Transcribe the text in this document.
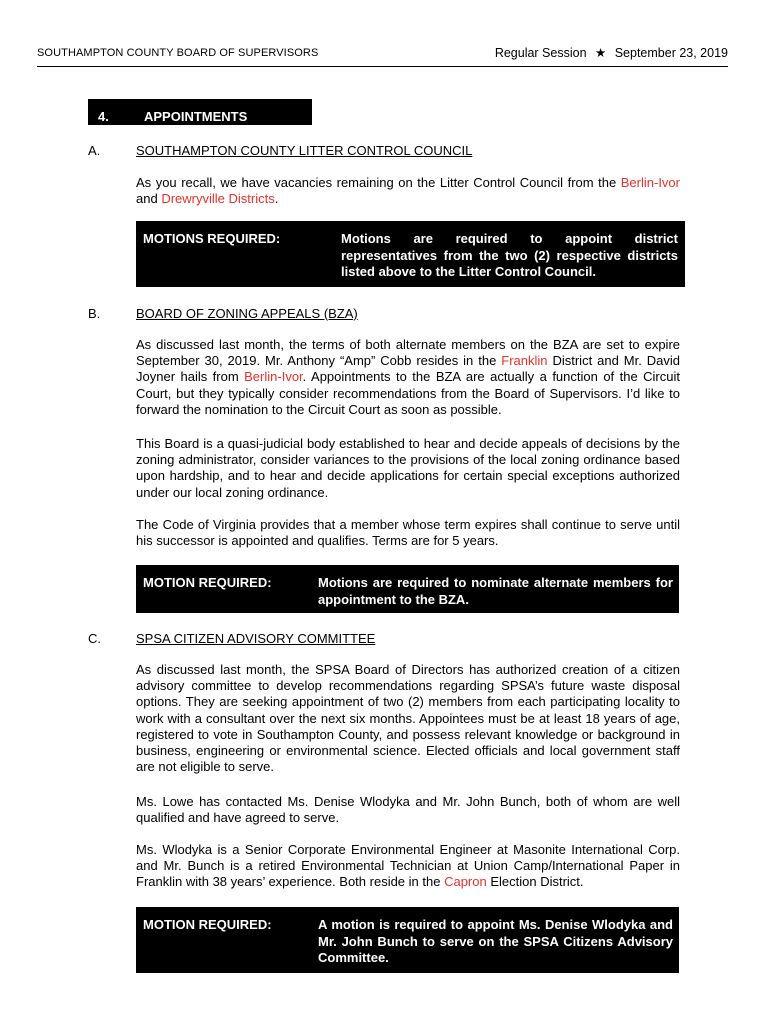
SOUTHAMPTON COUNTY BOARD OF SUPERVISORS	Regular Session ★ September 23, 2019
4.	APPOINTMENTS
A.	SOUTHAMPTON COUNTY LITTER CONTROL COUNCIL

As you recall, we have vacancies remaining on the Litter Control Council from the Berlin-Ivor and Drewryville Districts.

MOTIONS REQUIRED:	Motions are required to appoint district representatives from the two (2) respective districts listed above to the Litter Control Council.

B.	BOARD OF ZONING APPEALS (BZA)

As discussed last month, the terms of both alternate members on the BZA are set to expire September 30, 2019. Mr. Anthony “Amp” Cobb resides in the Franklin District and Mr. David Joyner hails from Berlin-Ivor. Appointments to the BZA are actually a function of the Circuit Court, but they typically consider recommendations from the Board of Supervisors. I’d like to forward the nomination to the Circuit Court as soon as possible.

This Board is a quasi-judicial body established to hear and decide appeals of decisions by the zoning administrator, consider variances to the provisions of the local zoning ordinance based upon hardship, and to hear and decide applications for certain special exceptions authorized under our local zoning ordinance.

The Code of Virginia provides that a member whose term expires shall continue to serve until his successor is appointed and qualifies. Terms are for 5 years.

MOTION REQUIRED:	Motions are required to nominate alternate members for appointment to the BZA.

C.	SPSA CITIZEN ADVISORY COMMITTEE

As discussed last month, the SPSA Board of Directors has authorized creation of a citizen advisory committee to develop recommendations regarding SPSA’s future waste disposal options. They are seeking appointment of two (2) members from each participating locality to work with a consultant over the next six months. Appointees must be at least 18 years of age, registered to vote in Southampton County, and possess relevant knowledge or background in business, engineering or environmental science. Elected officials and local government staff are not eligible to serve.

Ms. Lowe has contacted Ms. Denise Wlodyka and Mr. John Bunch, both of whom are well qualified and have agreed to serve.

Ms. Wlodyka is a Senior Corporate Environmental Engineer at Masonite International Corp. and Mr. Bunch is a retired Environmental Technician at Union Camp/International Paper in Franklin with 38 years’ experience. Both reside in the Capron Election District.

MOTION REQUIRED:	A motion is required to appoint Ms. Denise Wlodyka and Mr. John Bunch to serve on the SPSA Citizens Advisory Committee.
